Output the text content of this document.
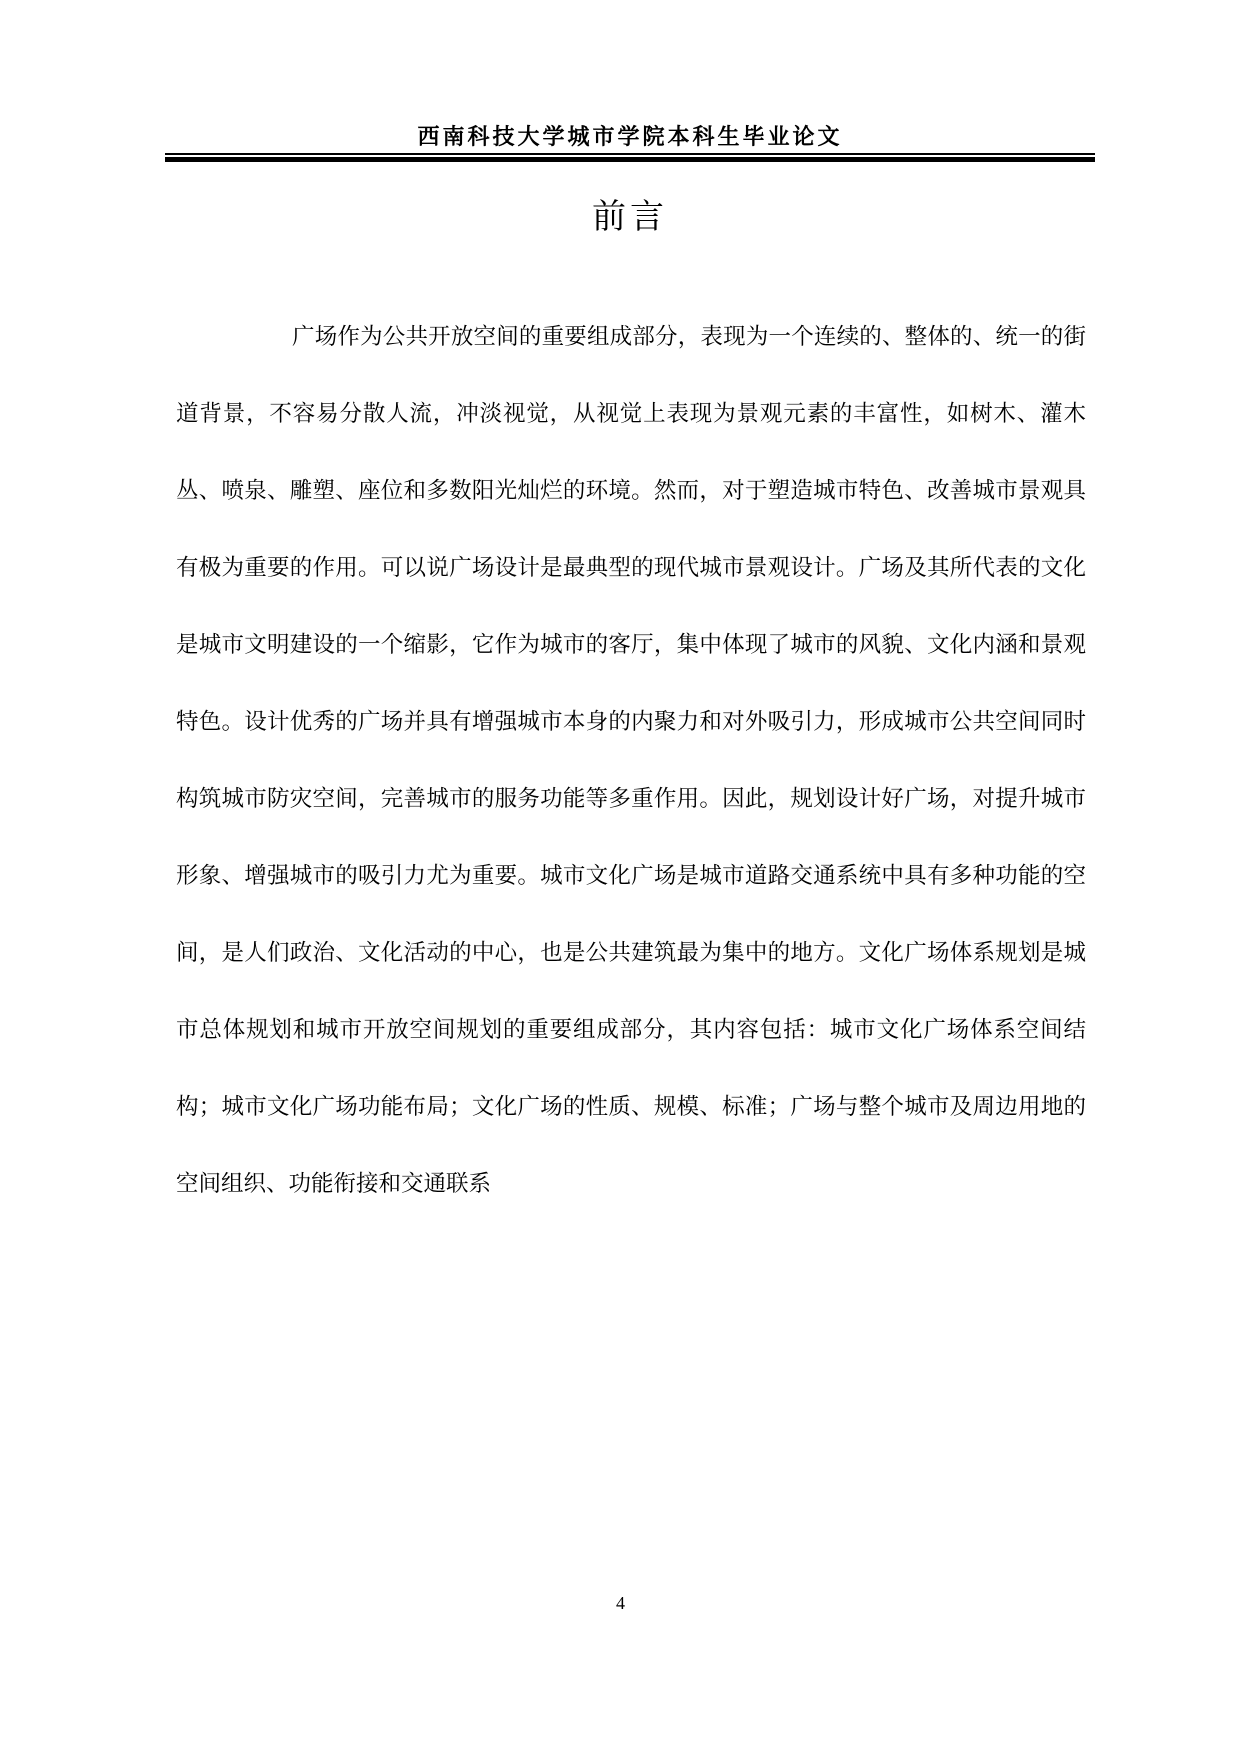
西南科技大学城市学院本科生毕业论文
前言

广场作为公共开放空间的重要组成部分，表现为一个连续的、整体的、统一的街道背景，不容易分散人流，冲淡视觉，从视觉上表现为景观元素的丰富性，如树木、灌木丛、喷泉、雕塑、座位和多数阳光灿烂的环境。然而，对于塑造城市特色、改善城市景观具有极为重要的作用。可以说广场设计是最典型的现代城市景观设计。广场及其所代表的文化是城市文明建设的一个缩影，它作为城市的客厅，集中体现了城市的风貌、文化内涵和景观特色。设计优秀的广场并具有增强城市本身的内聚力和对外吸引力，形成城市公共空间同时构筑城市防灾空间，完善城市的服务功能等多重作用。因此，规划设计好广场，对提升城市形象、增强城市的吸引力尤为重要。城市文化广场是城市道路交通系统中具有多种功能的空间，是人们政治、文化活动的中心，也是公共建筑最为集中的地方。文化广场体系规划是城市总体规划和城市开放空间规划的重要组成部分，其内容包括：城市文化广场体系空间结构；城市文化广场功能布局；文化广场的性质、规模、标准；广场与整个城市及周边用地的空间组织、功能衔接和交通联系

4
